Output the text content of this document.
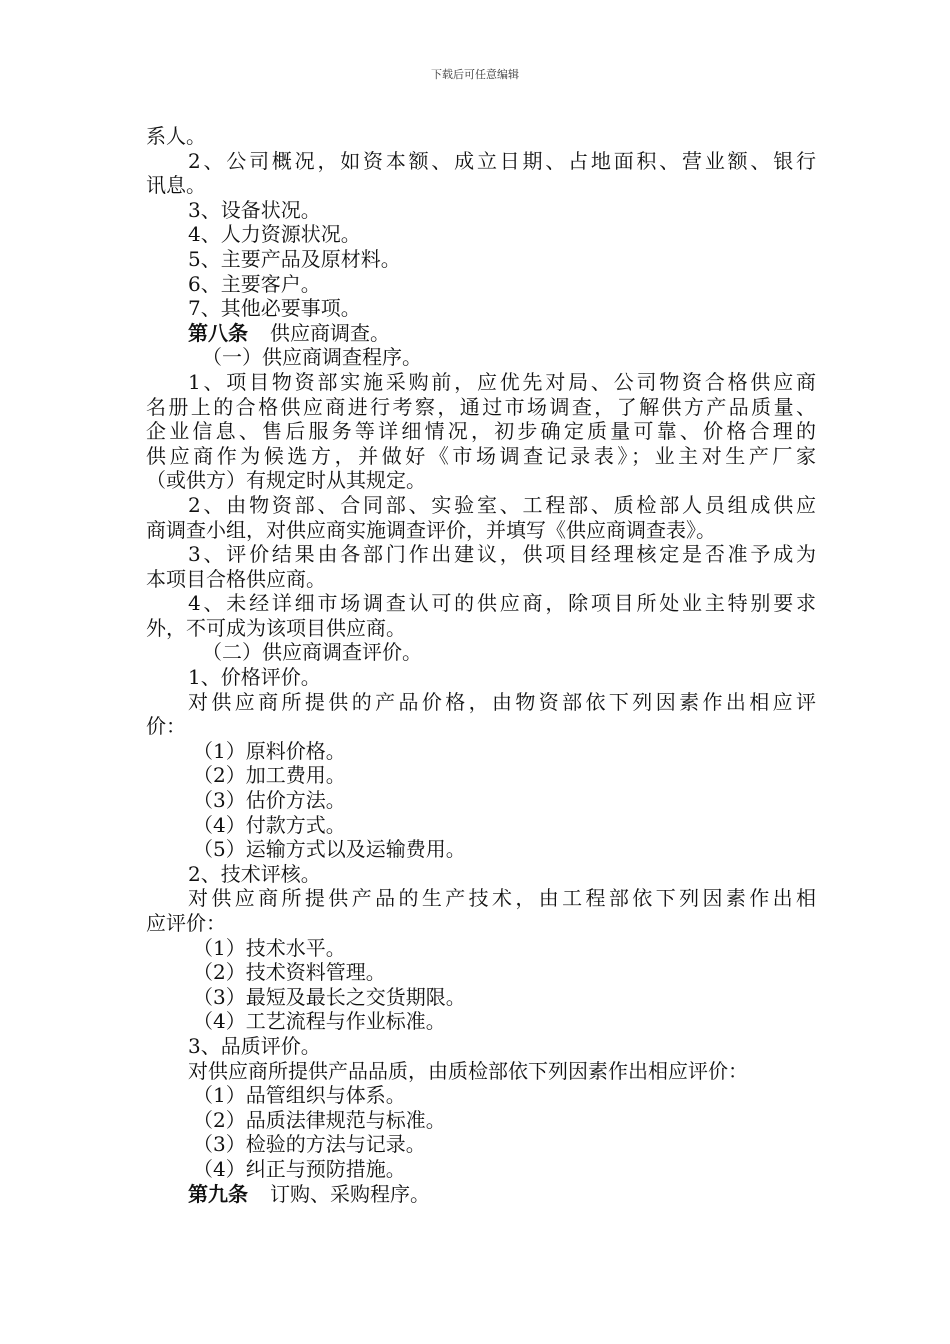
下载后可任意编辑
系人。
2、公司概况，如资本额、成立日期、占地面积、营业额、银行
讯息。
3、设备状况。
4、人力资源状况。
5、主要产品及原材料。
6、主要客户。
7、其他必要事项。
第八条 供应商调查。
（一）供应商调查程序。
1、项目物资部实施采购前，应优先对局、公司物资合格供应商
名册上的合格供应商进行考察，通过市场调查，了解供方产品质量、
企业信息、售后服务等详细情况，初步确定质量可靠、价格合理的
供应商作为候选方，并做好《市场调查记录表》；业主对生产厂家
（或供方）有规定时从其规定。
2、由物资部、合同部、实验室、工程部、质检部人员组成供应
商调查小组，对供应商实施调查评价，并填写《供应商调查表》。
3、评价结果由各部门作出建议，供项目经理核定是否准予成为
本项目合格供应商。
4、未经详细市场调查认可的供应商，除项目所处业主特别要求
外，不可成为该项目供应商。
（二）供应商调查评价。
1、价格评价。
对供应商所提供的产品价格，由物资部依下列因素作出相应评
价：
（1）原料价格。
（2）加工费用。
（3）估价方法。
（4）付款方式。
（5）运输方式以及运输费用。
2、技术评核。
对供应商所提供产品的生产技术，由工程部依下列因素作出相
应评价：
（1）技术水平。
（2）技术资料管理。
（3）最短及最长之交货期限。
（4）工艺流程与作业标准。
3、品质评价。
对供应商所提供产品品质，由质检部依下列因素作出相应评价：
（1）品管组织与体系。
（2）品质法律规范与标准。
（3）检验的方法与记录。
（4）纠正与预防措施。
第九条 订购、采购程序。
